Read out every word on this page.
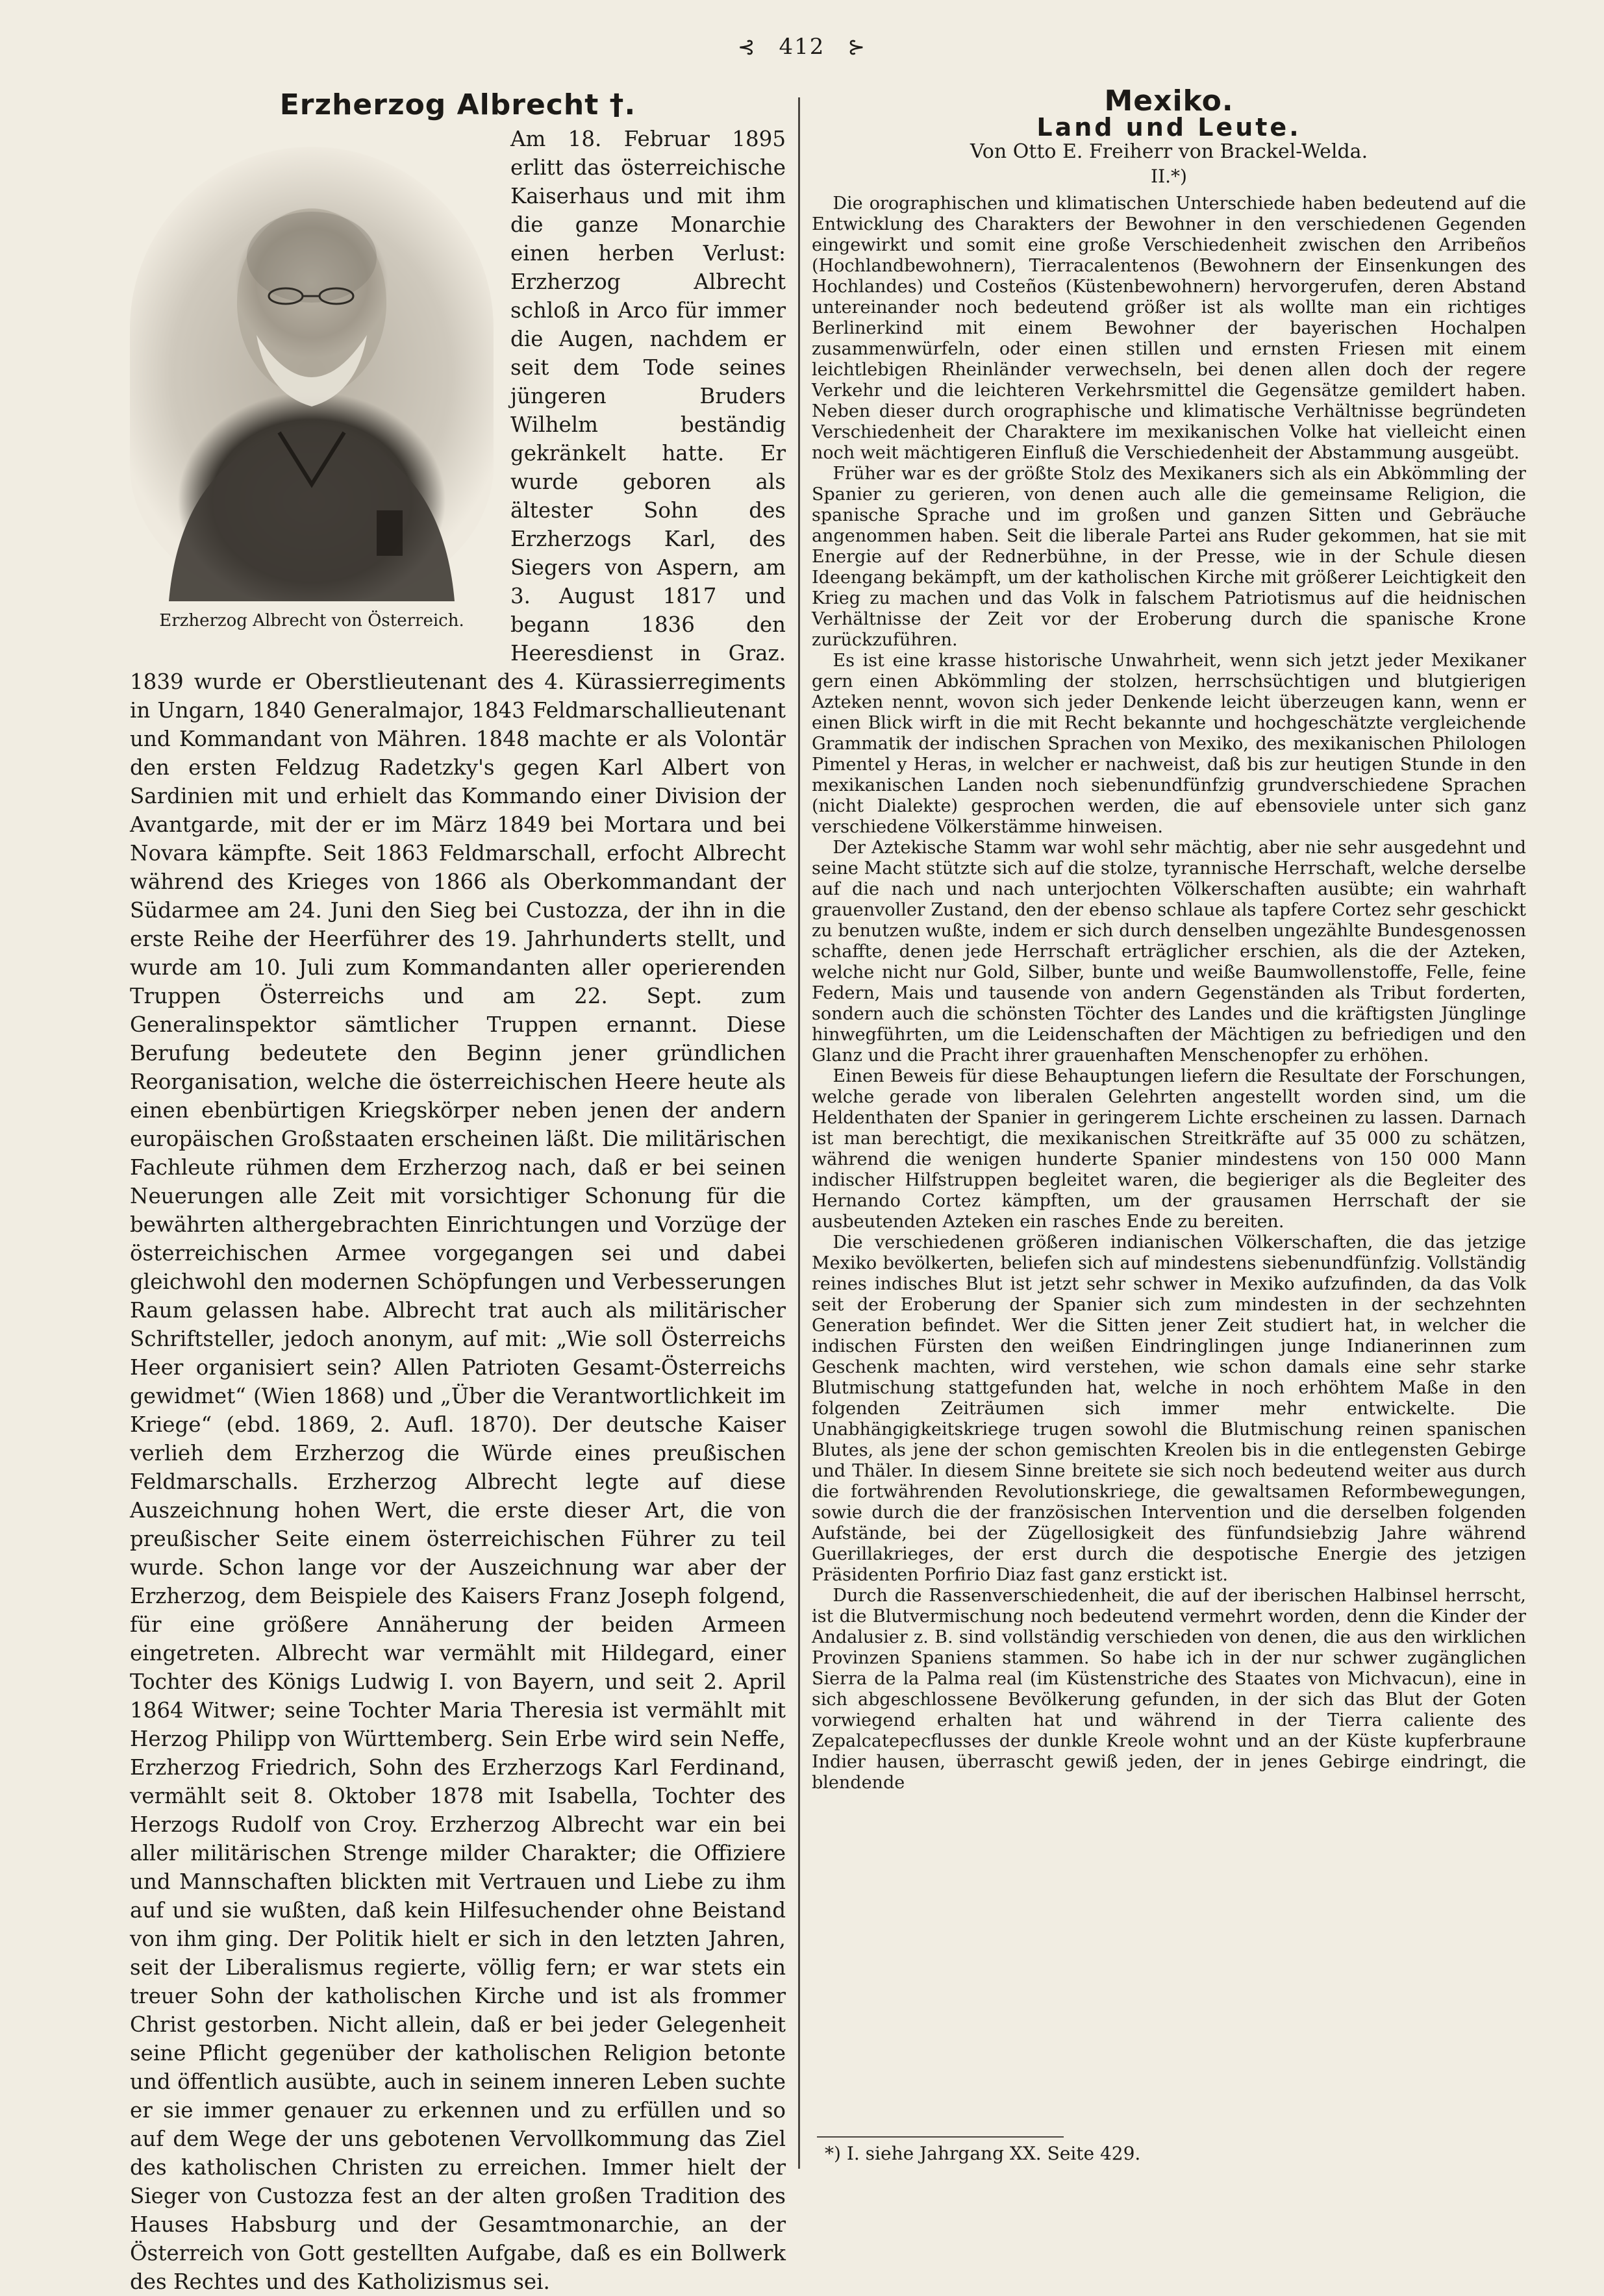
⊰ 412 ⊱
Erzherzog Albrecht †.
Erzherzog Albrecht von Österreich.

Am 18. Februar 1895 erlitt das österreichische Kaiserhaus und mit ihm die ganze Monarchie einen herben Verlust: Erzherzog Albrecht schloß in Arco für immer die Augen, nachdem er seit dem Tode seines jüngeren Bruders Wilhelm beständig gekränkelt hatte. Er wurde geboren als ältester Sohn des Erzherzogs Karl, des Siegers von Aspern, am 3. August 1817 und begann 1836 den Heeresdienst in Graz. 1839 wurde er Oberstlieutenant des 4. Kürassierregiments in Ungarn, 1840 Generalmajor, 1843 Feldmarschallieutenant und Kommandant von Mähren. 1848 machte er als Volontär den ersten Feldzug Radetzky's gegen Karl Albert von Sardinien mit und erhielt das Kommando einer Division der Avantgarde, mit der er im März 1849 bei Mortara und bei Novara kämpfte. Seit 1863 Feldmarschall, erfocht Albrecht während des Krieges von 1866 als Oberkommandant der Südarmee am 24. Juni den Sieg bei Custozza, der ihn in die erste Reihe der Heerführer des 19. Jahrhunderts stellt, und wurde am 10. Juli zum Kommandanten aller operierenden Truppen Österreichs und am 22. Sept. zum Generalinspektor sämtlicher Truppen ernannt. Diese Berufung bedeutete den Beginn jener gründlichen Reorganisation, welche die österreichischen Heere heute als einen ebenbürtigen Kriegskörper neben jenen der andern europäischen Großstaaten erscheinen läßt. Die militärischen Fachleute rühmen dem Erzherzog nach, daß er bei seinen Neuerungen alle Zeit mit vorsichtiger Schonung für die bewährten althergebrachten Einrichtungen und Vorzüge der österreichischen Armee vorgegangen sei und dabei gleichwohl den modernen Schöpfungen und Verbesserungen Raum gelassen habe. Albrecht trat auch als militärischer Schriftsteller, jedoch anonym, auf mit: „Wie soll Österreichs Heer organisiert sein? Allen Patrioten Gesamt-Österreichs gewidmet“ (Wien 1868) und „Über die Verantwortlichkeit im Kriege“ (ebd. 1869, 2. Aufl. 1870). Der deutsche Kaiser verlieh dem Erzherzog die Würde eines preußischen Feldmarschalls. Erzherzog Albrecht legte auf diese Auszeichnung hohen Wert, die erste dieser Art, die von preußischer Seite einem österreichischen Führer zu teil wurde. Schon lange vor der Auszeichnung war aber der Erzherzog, dem Beispiele des Kaisers Franz Joseph folgend, für eine größere Annäherung der beiden Armeen eingetreten. Albrecht war vermählt mit Hildegard, einer Tochter des Königs Ludwig I. von Bayern, und seit 2. April 1864 Witwer; seine Tochter Maria Theresia ist vermählt mit Herzog Philipp von Württemberg. Sein Erbe wird sein Neffe, Erzherzog Friedrich, Sohn des Erzherzogs Karl Ferdinand, vermählt seit 8. Oktober 1878 mit Isabella, Tochter des Herzogs Rudolf von Croy. Erzherzog Albrecht war ein bei aller militärischen Strenge milder Charakter; die Offiziere und Mannschaften blickten mit Vertrauen und Liebe zu ihm auf und sie wußten, daß kein Hilfesuchender ohne Beistand von ihm ging. Der Politik hielt er sich in den letzten Jahren, seit der Liberalismus regierte, völlig fern; er war stets ein treuer Sohn der katholischen Kirche und ist als frommer Christ gestorben. Nicht allein, daß er bei jeder Gelegenheit seine Pflicht gegenüber der katholischen Religion betonte und öffentlich ausübte, auch in seinem inneren Leben suchte er sie immer genauer zu erkennen und zu erfüllen und so auf dem Wege der uns gebotenen Vervollkommung das Ziel des katholischen Christen zu erreichen. Immer hielt der Sieger von Custozza fest an der alten großen Tradition des Hauses Habsburg und der Gesamtmonarchie, an der Österreich von Gott gestellten Aufgabe, daß es ein Bollwerk des Rechtes und des Katholizismus sei.

Mexiko.
Land und Leute.
Von Otto E. Freiherr von Brackel-Welda.
II.*)

Die orographischen und klimatischen Unterschiede haben bedeutend auf die Entwicklung des Charakters der Bewohner in den verschiedenen Gegenden eingewirkt und somit eine große Verschiedenheit zwischen den Arribeños (Hochlandbewohnern), Tierracalentenos (Bewohnern der Einsenkungen des Hochlandes) und Costeños (Küstenbewohnern) hervorgerufen, deren Abstand untereinander noch bedeutend größer ist als wollte man ein richtiges Berlinerkind mit einem Bewohner der bayerischen Hochalpen zusammenwürfeln, oder einen stillen und ernsten Friesen mit einem leichtlebigen Rheinländer verwechseln, bei denen allen doch der regere Verkehr und die leichteren Verkehrsmittel die Gegensätze gemildert haben. Neben dieser durch orographische und klimatische Verhältnisse begründeten Verschiedenheit der Charaktere im mexikanischen Volke hat vielleicht einen noch weit mächtigeren Einfluß die Verschiedenheit der Abstammung ausgeübt.

Früher war es der größte Stolz des Mexikaners sich als ein Abkömmling der Spanier zu gerieren, von denen auch alle die gemeinsame Religion, die spanische Sprache und im großen und ganzen Sitten und Gebräuche angenommen haben. Seit die liberale Partei ans Ruder gekommen, hat sie mit Energie auf der Rednerbühne, in der Presse, wie in der Schule diesen Ideengang bekämpft, um der katholischen Kirche mit größerer Leichtigkeit den Krieg zu machen und das Volk in falschem Patriotismus auf die heidnischen Verhältnisse der Zeit vor der Eroberung durch die spanische Krone zurückzuführen.

Es ist eine krasse historische Unwahrheit, wenn sich jetzt jeder Mexikaner gern einen Abkömmling der stolzen, herrschsüchtigen und blutgierigen Azteken nennt, wovon sich jeder Denkende leicht überzeugen kann, wenn er einen Blick wirft in die mit Recht bekannte und hochgeschätzte vergleichende Grammatik der indischen Sprachen von Mexiko, des mexikanischen Philologen Pimentel y Heras, in welcher er nachweist, daß bis zur heutigen Stunde in den mexikanischen Landen noch siebenundfünfzig grundverschiedene Sprachen (nicht Dialekte) gesprochen werden, die auf ebensoviele unter sich ganz verschiedene Völkerstämme hinweisen.

Der Aztekische Stamm war wohl sehr mächtig, aber nie sehr ausgedehnt und seine Macht stützte sich auf die stolze, tyrannische Herrschaft, welche derselbe auf die nach und nach unterjochten Völkerschaften ausübte; ein wahrhaft grauenvoller Zustand, den der ebenso schlaue als tapfere Cortez sehr geschickt zu benutzen wußte, indem er sich durch denselben ungezählte Bundesgenossen schaffte, denen jede Herrschaft erträglicher erschien, als die der Azteken, welche nicht nur Gold, Silber, bunte und weiße Baumwollenstoffe, Felle, feine Federn, Mais und tausende von andern Gegenständen als Tribut forderten, sondern auch die schönsten Töchter des Landes und die kräftigsten Jünglinge hinwegführten, um die Leidenschaften der Mächtigen zu befriedigen und den Glanz und die Pracht ihrer grauenhaften Menschenopfer zu erhöhen.

Einen Beweis für diese Behauptungen liefern die Resultate der Forschungen, welche gerade von liberalen Gelehrten angestellt worden sind, um die Heldenthaten der Spanier in geringerem Lichte erscheinen zu lassen. Darnach ist man berechtigt, die mexikanischen Streitkräfte auf 35 000 zu schätzen, während die wenigen hunderte Spanier mindestens von 150 000 Mann indischer Hilfstruppen begleitet waren, die begieriger als die Begleiter des Hernando Cortez kämpften, um der grausamen Herrschaft der sie ausbeutenden Azteken ein rasches Ende zu bereiten.

Die verschiedenen größeren indianischen Völkerschaften, die das jetzige Mexiko bevölkerten, beliefen sich auf mindestens siebenundfünfzig. Vollständig reines indisches Blut ist jetzt sehr schwer in Mexiko aufzufinden, da das Volk seit der Eroberung der Spanier sich zum mindesten in der sechzehnten Generation befindet. Wer die Sitten jener Zeit studiert hat, in welcher die indischen Fürsten den weißen Eindringlingen junge Indianerinnen zum Geschenk machten, wird verstehen, wie schon damals eine sehr starke Blutmischung stattgefunden hat, welche in noch erhöhtem Maße in den folgenden Zeiträumen sich immer mehr entwickelte. Die Unabhängigkeitskriege trugen sowohl die Blutmischung reinen spanischen Blutes, als jene der schon gemischten Kreolen bis in die entlegensten Gebirge und Thäler. In diesem Sinne breitete sie sich noch bedeutend weiter aus durch die fortwährenden Revolutionskriege, die gewaltsamen Reformbewegungen, sowie durch die der französischen Intervention und die derselben folgenden Aufstände, bei der Zügellosigkeit des fünfundsiebzig Jahre während Guerillakrieges, der erst durch die despotische Energie des jetzigen Präsidenten Porfirio Diaz fast ganz erstickt ist.

Durch die Rassenverschiedenheit, die auf der iberischen Halbinsel herrscht, ist die Blutvermischung noch bedeutend vermehrt worden, denn die Kinder der Andalusier z. B. sind vollständig verschieden von denen, die aus den wirklichen Provinzen Spaniens stammen. So habe ich in der nur schwer zugänglichen Sierra de la Palma real (im Küstenstriche des Staates von Michvacun), eine in sich abgeschlossene Bevölkerung gefunden, in der sich das Blut der Goten vorwiegend erhalten hat und während in der Tierra caliente des Zepalcatepecflusses der dunkle Kreole wohnt und an der Küste kupferbraune Indier hausen, überrascht gewiß jeden, der in jenes Gebirge eindringt, die blendende

*) I. siehe Jahrgang XX. Seite 429.
